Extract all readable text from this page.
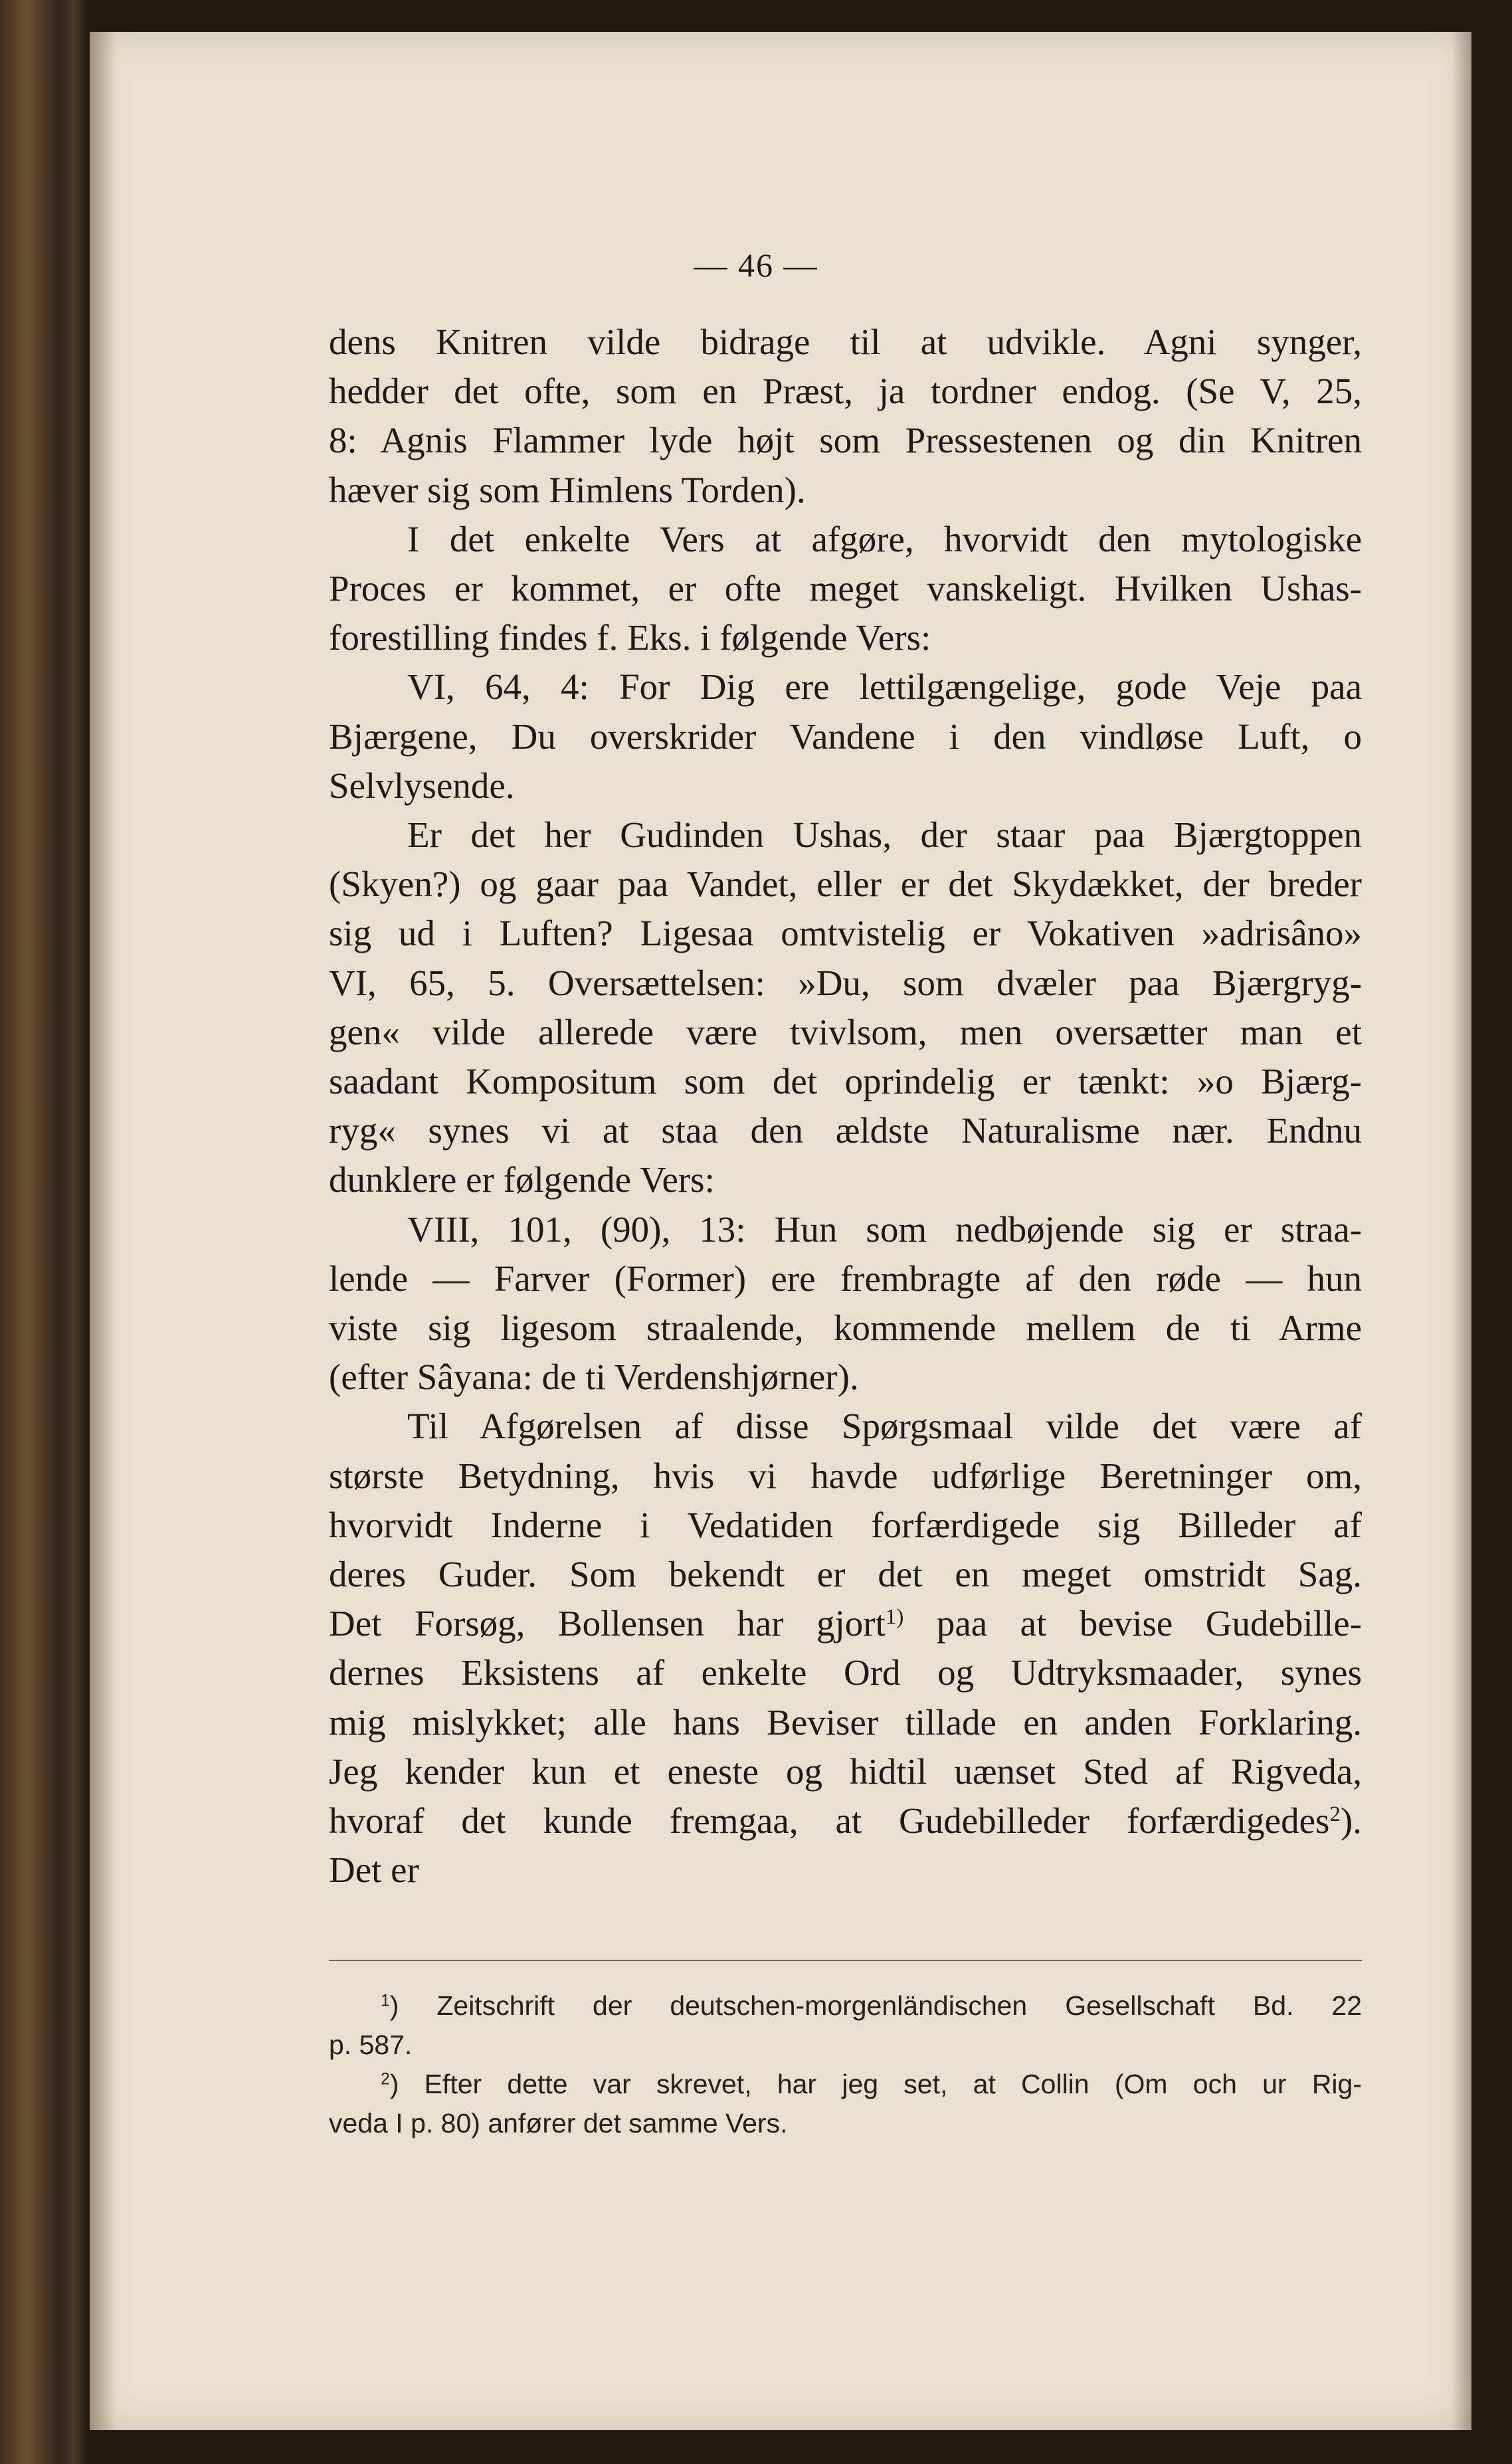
— 46 —

dens Knitren vilde bidrage til at udvikle. Agni synger,

hedder det ofte, som en Præst, ja tordner endog. (Se V, 25,

8: Agnis Flammer lyde højt som Pressestenen og din Knitren

hæver sig som Himlens Torden).

I det enkelte Vers at afgøre, hvorvidt den mytologiske

Proces er kommet, er ofte meget vanskeligt. Hvilken Ushas-

forestilling findes f. Eks. i følgende Vers:

VI, 64, 4: For Dig ere lettilgængelige, gode Veje paa

Bjærgene, Du overskrider Vandene i den vindløse Luft, o

Selvlysende.

Er det her Gudinden Ushas, der staar paa Bjærgtoppen

(Skyen?) og gaar paa Vandet, eller er det Skydækket, der breder

sig ud i Luften? Ligesaa omtvistelig er Vokativen »adrisâno»

VI, 65, 5. Oversættelsen: »Du, som dvæler paa Bjærgryg-

gen« vilde allerede være tvivlsom, men oversætter man et

saadant Kompositum som det oprindelig er tænkt: »o Bjærg-

ryg« synes vi at staa den ældste Naturalisme nær. Endnu

dunklere er følgende Vers:

VIII, 101, (90), 13: Hun som nedbøjende sig er straa-

lende — Farver (Former) ere frembragte af den røde — hun

viste sig ligesom straalende, kommende mellem de ti Arme

(efter Sâyana: de ti Verdenshjørner).

Til Afgørelsen af disse Spørgsmaal vilde det være af

største Betydning, hvis vi havde udførlige Beretninger om,

hvorvidt Inderne i Vedatiden forfærdigede sig Billeder af

deres Guder. Som bekendt er det en meget omstridt Sag.

Det Forsøg, Bollensen har gjort$^{1)}$ paa at bevise Gudebille-

dernes Eksistens af enkelte Ord og Udtryksmaader, synes

mig mislykket; alle hans Beviser tillade en anden Forklaring.

Jeg kender kun et eneste og hidtil uænset Sted af Rigveda,

hvoraf det kunde fremgaa, at Gudebilleder forfærdigedes$^2$).

Det er

$^1$) Zeitschrift der deutschen-morgenländischen Gesellschaft Bd. 22

p. 587.

$^2$) Efter dette var skrevet, har jeg set, at Collin (Om och ur Rig-

veda I p. 80) anfører det samme Vers.
